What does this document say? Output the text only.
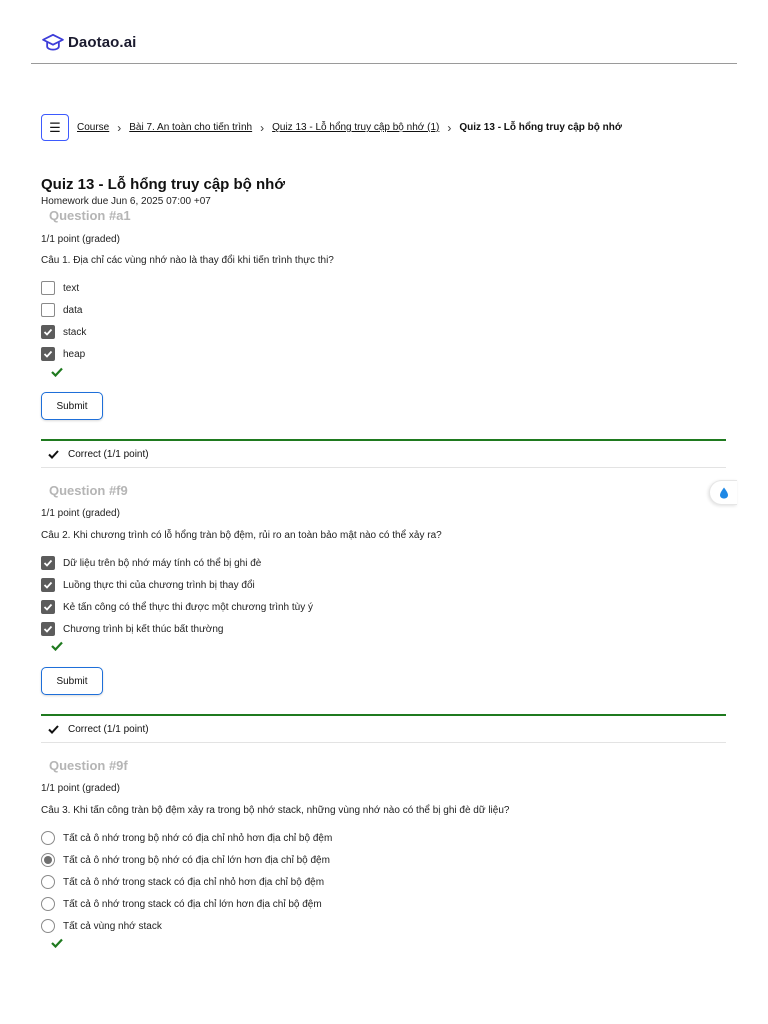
Daotao.ai
☰ Course › Bài 7. An toàn cho tiến trình › Quiz 13 - Lỗ hổng truy cập bộ nhớ (1) › Quiz 13 - Lỗ hổng truy cập bộ nhớ
Quiz 13 - Lỗ hổng truy cập bộ nhớ
Homework due Jun 6, 2025 07:00 +07
Question #a1
1/1 point (graded)
Câu 1. Địa chỉ các vùng nhớ nào là thay đổi khi tiến trình thực thi?
text
data
stack
heap
Submit
Correct (1/1 point)
Question #f9
1/1 point (graded)
Câu 2. Khi chương trình có lỗ hổng tràn bộ đệm, rủi ro an toàn bảo mật nào có thể xảy ra?
Dữ liệu trên bộ nhớ máy tính có thể bị ghi đè
Luồng thực thi của chương trình bị thay đổi
Kẻ tấn công có thể thực thi được một chương trình tùy ý
Chương trình bị kết thúc bất thường
Submit
Correct (1/1 point)
Question #9f
1/1 point (graded)
Câu 3. Khi tấn công tràn bộ đệm xảy ra trong bộ nhớ stack, những vùng nhớ nào có thể bị ghi đè dữ liệu?
Tất cả ô nhớ trong bộ nhớ có địa chỉ nhỏ hơn địa chỉ bộ đệm
Tất cả ô nhớ trong bộ nhớ có địa chỉ lớn hơn địa chỉ bộ đệm
Tất cả ô nhớ trong stack có địa chỉ nhỏ hơn địa chỉ bộ đệm
Tất cả ô nhớ trong stack có địa chỉ lớn hơn địa chỉ bộ đệm
Tất cả vùng nhớ stack
